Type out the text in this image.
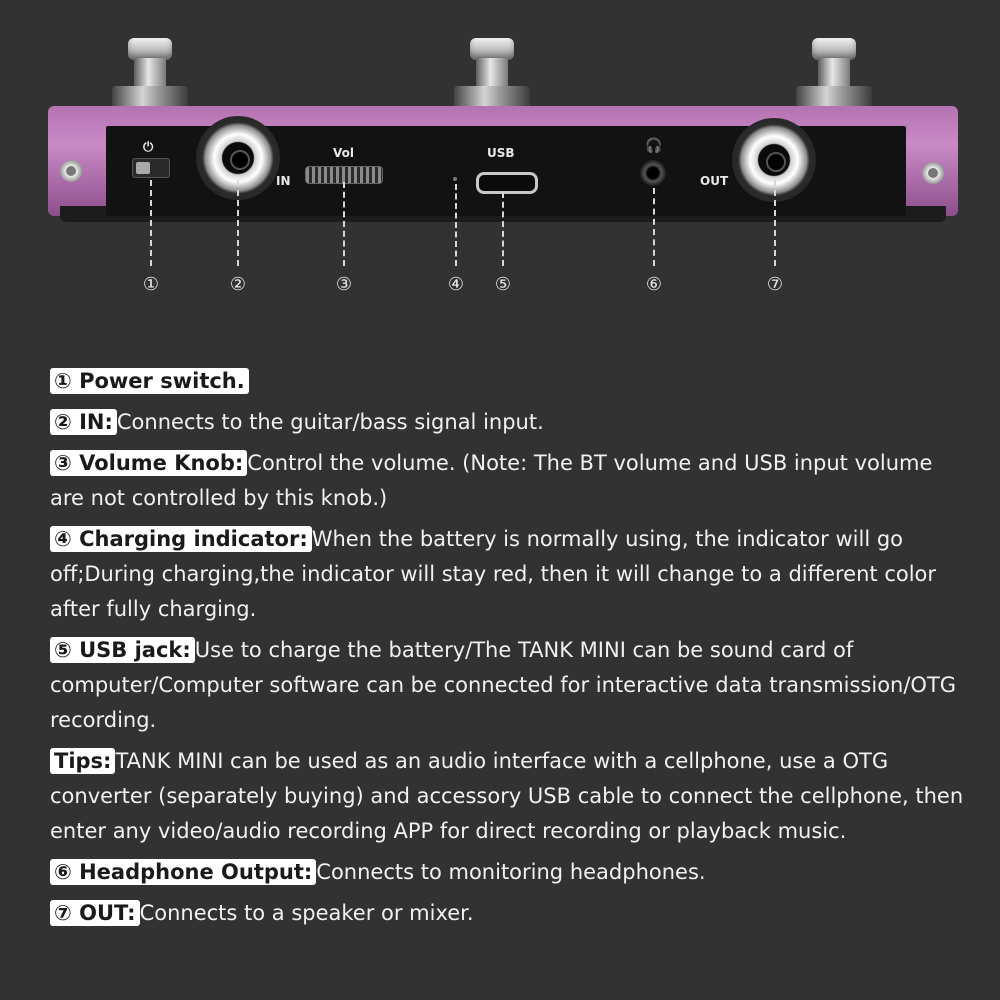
⏻
IN
Vol	USB	🎧
OUT
①	②	③	④ ⑤	⑥	⑦
① Power switch.
② IN: Connects to the guitar/bass signal input.
③ Volume Knob: Control the volume. (Note: The BT volume and USB input volume are not controlled by this knob.)
④ Charging indicator: When the battery is normally using, the indicator will go off;During charging,the indicator will stay red, then it will change to a different color after fully charging.
⑤ USB jack: Use to charge the battery/The TANK MINI can be sound card of computer/Computer software can be connected for interactive data transmission/OTG recording.
Tips: TANK MINI can be used as an audio interface with a cellphone, use a OTG converter (separately buying) and accessory USB cable to connect the cellphone, then enter any video/audio recording APP for direct recording or playback music.
⑥ Headphone Output: Connects to monitoring headphones.
⑦ OUT: Connects to a speaker or mixer.
